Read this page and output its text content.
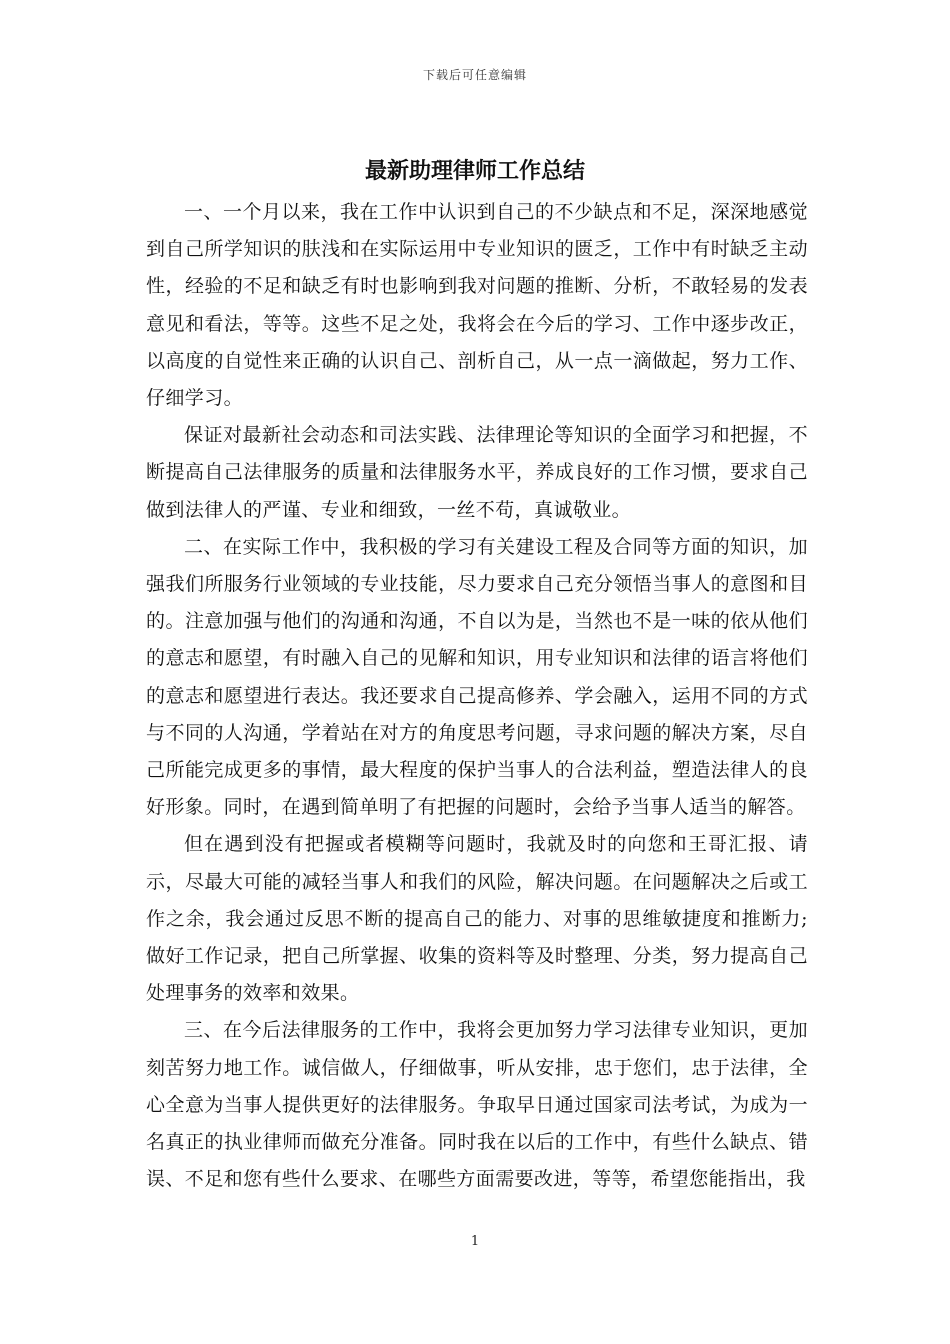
下载后可任意编辑
最新助理律师工作总结

一、一个月以来，我在工作中认识到自己的不少缺点和不足，深深地感觉到自己所学知识的肤浅和在实际运用中专业知识的匮乏，工作中有时缺乏主动性，经验的不足和缺乏有时也影响到我对问题的推断、分析，不敢轻易的发表意见和看法，等等。这些不足之处，我将会在今后的学习、工作中逐步改正，以高度的自觉性来正确的认识自己、剖析自己，从一点一滴做起，努力工作、仔细学习。

保证对最新社会动态和司法实践、法律理论等知识的全面学习和把握，不断提高自己法律服务的质量和法律服务水平，养成良好的工作习惯，要求自己做到法律人的严谨、专业和细致，一丝不苟，真诚敬业。

二、在实际工作中，我积极的学习有关建设工程及合同等方面的知识，加强我们所服务行业领域的专业技能，尽力要求自己充分领悟当事人的意图和目的。注意加强与他们的沟通和沟通，不自以为是，当然也不是一味的依从他们的意志和愿望，有时融入自己的见解和知识，用专业知识和法律的语言将他们的意志和愿望进行表达。我还要求自己提高修养、学会融入，运用不同的方式与不同的人沟通，学着站在对方的角度思考问题，寻求问题的解决方案，尽自己所能完成更多的事情，最大程度的保护当事人的合法利益，塑造法律人的良好形象。同时，在遇到简单明了有把握的问题时，会给予当事人适当的解答。

但在遇到没有把握或者模糊等问题时，我就及时的向您和王哥汇报、请示，尽最大可能的减轻当事人和我们的风险，解决问题。在问题解决之后或工作之余，我会通过反思不断的提高自己的能力、对事的思维敏捷度和推断力;做好工作记录，把自己所掌握、收集的资料等及时整理、分类，努力提高自己处理事务的效率和效果。

三、在今后法律服务的工作中，我将会更加努力学习法律专业知识，更加刻苦努力地工作。诚信做人，仔细做事，听从安排，忠于您们，忠于法律，全心全意为当事人提供更好的法律服务。争取早日通过国家司法考试，为成为一名真正的执业律师而做充分准备。同时我在以后的工作中，有些什么缺点、错误、不足和您有些什么要求、在哪些方面需要改进，等等，希望您能指出，我

1
